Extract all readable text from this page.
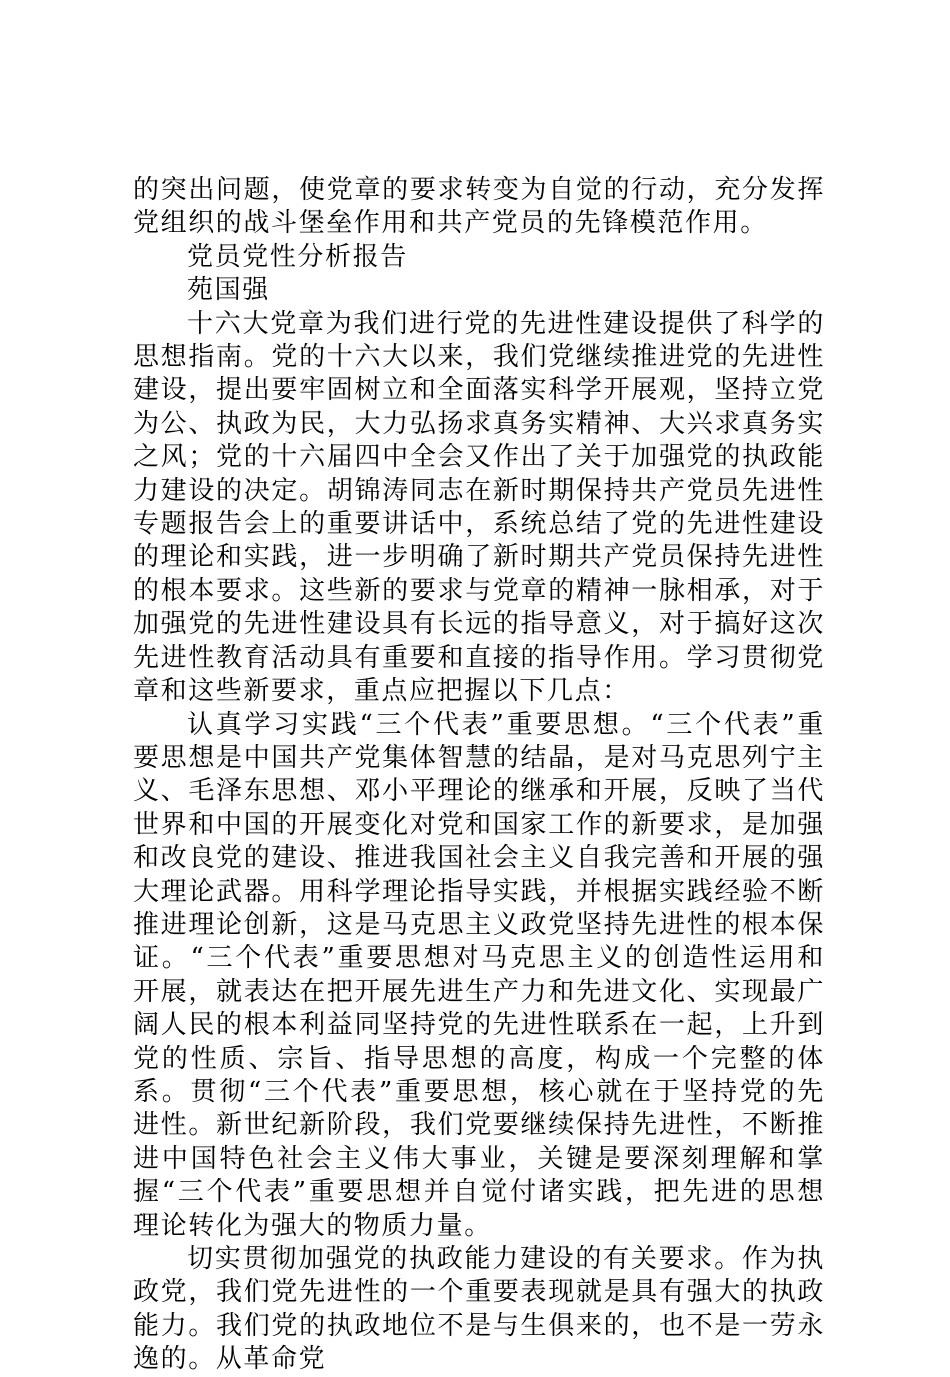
的突出问题，使党章的要求转变为自觉的行动，充分发挥党组织的战斗堡垒作用和共产党员的先锋模范作用。

党员党性分析报告

苑国强

十六大党章为我们进行党的先进性建设提供了科学的思想指南。党的十六大以来，我们党继续推进党的先进性建设，提出要牢固树立和全面落实科学开展观，坚持立党为公、执政为民，大力弘扬求真务实精神、大兴求真务实之风；党的十六届四中全会又作出了关于加强党的执政能力建设的决定。胡锦涛同志在新时期保持共产党员先进性专题报告会上的重要讲话中，系统总结了党的先进性建设的理论和实践，进一步明确了新时期共产党员保持先进性的根本要求。这些新的要求与党章的精神一脉相承，对于加强党的先进性建设具有长远的指导意义，对于搞好这次先进性教育活动具有重要和直接的指导作用。学习贯彻党章和这些新要求，重点应把握以下几点：

认真学习实践“三个代表”重要思想。“三个代表”重要思想是中国共产党集体智慧的结晶，是对马克思列宁主义、毛泽东思想、邓小平理论的继承和开展，反映了当代世界和中国的开展变化对党和国家工作的新要求，是加强和改良党的建设、推进我国社会主义自我完善和开展的强大理论武器。用科学理论指导实践，并根据实践经验不断推进理论创新，这是马克思主义政党坚持先进性的根本保证。“三个代表”重要思想对马克思主义的创造性运用和开展，就表达在把开展先进生产力和先进文化、实现最广阔人民的根本利益同坚持党的先进性联系在一起，上升到党的性质、宗旨、指导思想的高度，构成一个完整的体系。贯彻“三个代表”重要思想，核心就在于坚持党的先进性。新世纪新阶段，我们党要继续保持先进性，不断推进中国特色社会主义伟大事业，关键是要深刻理解和掌握“三个代表”重要思想并自觉付诸实践，把先进的思想理论转化为强大的物质力量。

切实贯彻加强党的执政能力建设的有关要求。作为执政党，我们党先进性的一个重要表现就是具有强大的执政能力。我们党的执政地位不是与生俱来的，也不是一劳永逸的。从革命党
